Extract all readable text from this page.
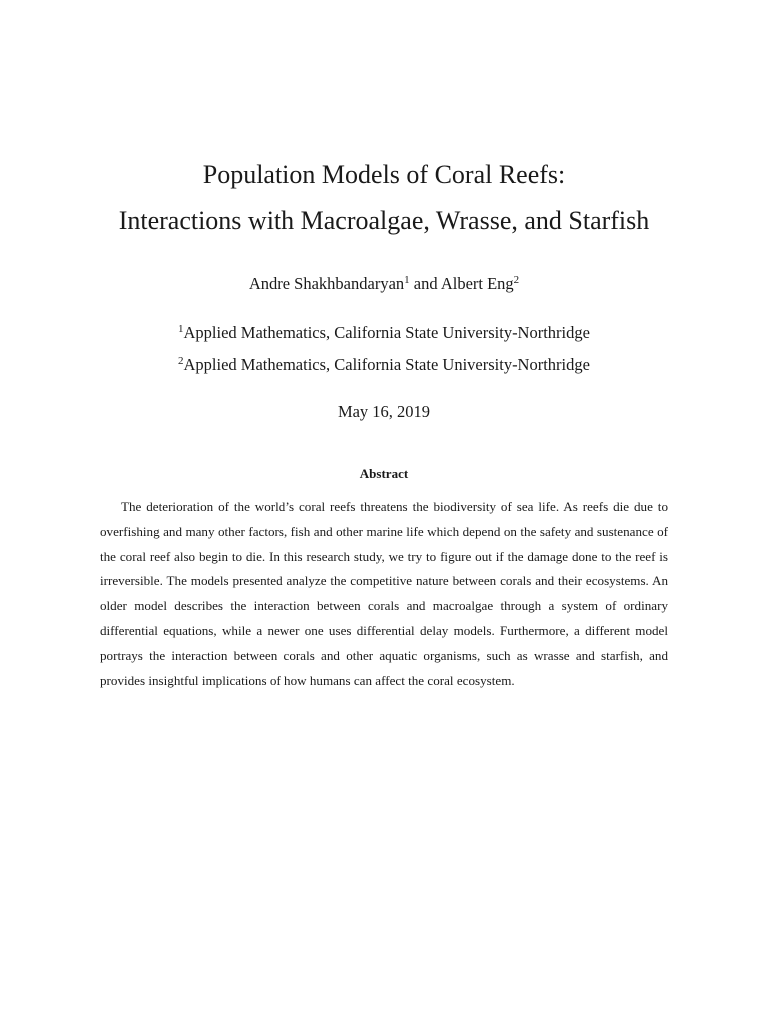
Population Models of Coral Reefs:
Interactions with Macroalgae, Wrasse, and Starfish
Andre Shakhbandaryan$^1$ and Albert Eng$^2$

$^1$Applied Mathematics, California State University-Northridge

$^2$Applied Mathematics, California State University-Northridge

May 16, 2019
Abstract

The deterioration of the world’s coral reefs threatens the biodiversity of sea life. As reefs die due to overfishing and many other factors, fish and other marine life which depend on the safety and sustenance of the coral reef also begin to die. In this research study, we try to figure out if the damage done to the reef is irreversible. The models presented analyze the competitive nature between corals and their ecosystems. An older model describes the interaction between corals and macroalgae through a system of ordinary differential equations, while a newer one uses differential delay models. Furthermore, a different model portrays the interaction between corals and other aquatic organisms, such as wrasse and starfish, and provides insightful implications of how humans can affect the coral ecosystem.
